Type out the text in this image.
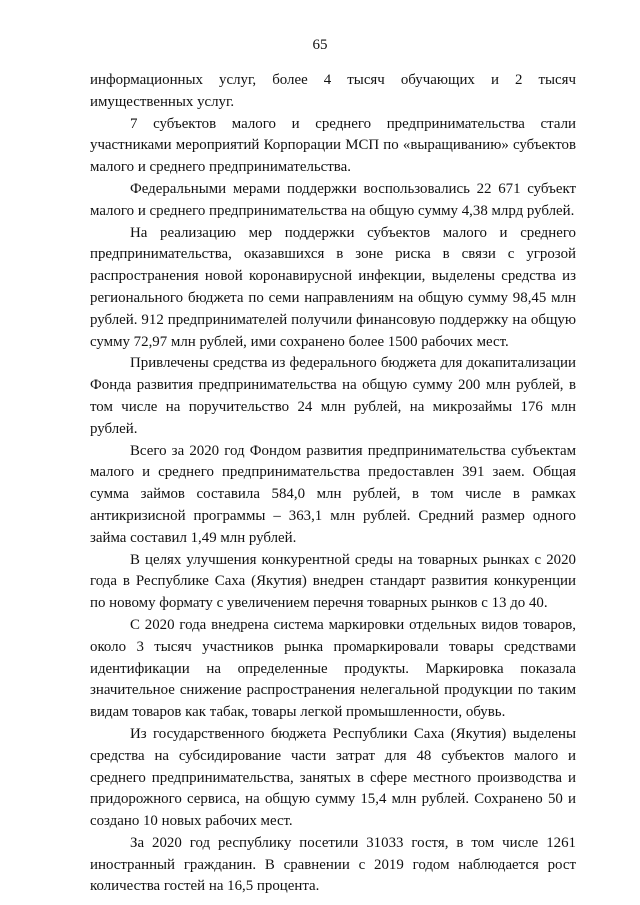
65

информационных услуг, более 4 тысяч обучающих и 2 тысяч имущественных услуг.

7 субъектов малого и среднего предпринимательства стали участниками мероприятий Корпорации МСП по «выращиванию» субъектов малого и среднего предпринимательства.

Федеральными мерами поддержки воспользовались 22 671 субъект малого и среднего предпринимательства на общую сумму 4,38 млрд рублей.

На реализацию мер поддержки субъектов малого и среднего предпринимательства, оказавшихся в зоне риска в связи с угрозой распространения новой коронавирусной инфекции, выделены средства из регионального бюджета по семи направлениям на общую сумму 98,45 млн рублей. 912 предпринимателей получили финансовую поддержку на общую сумму 72,97 млн рублей, ими сохранено более 1500 рабочих мест.

Привлечены средства из федерального бюджета для докапитализации Фонда развития предпринимательства на общую сумму 200 млн рублей, в том числе на поручительство 24 млн рублей, на микрозаймы 176 млн рублей.

Всего за 2020 год Фондом развития предпринимательства субъектам малого и среднего предпринимательства предоставлен 391 заем. Общая сумма займов составила 584,0 млн рублей, в том числе в рамках антикризисной программы – 363,1 млн рублей. Средний размер одного займа составил 1,49 млн рублей.

В целях улучшения конкурентной среды на товарных рынках с 2020 года в Республике Саха (Якутия) внедрен стандарт развития конкуренции по новому формату с увеличением перечня товарных рынков с 13 до 40.

С 2020 года внедрена система маркировки отдельных видов товаров, около 3 тысяч участников рынка промаркировали товары средствами идентификации на определенные продукты. Маркировка показала значительное снижение распространения нелегальной продукции по таким видам товаров как табак, товары легкой промышленности, обувь.

Из государственного бюджета Республики Саха (Якутия) выделены средства на субсидирование части затрат для 48 субъектов малого и среднего предпринимательства, занятых в сфере местного производства и придорожного сервиса, на общую сумму 15,4 млн рублей. Сохранено 50 и создано 10 новых рабочих мест.

За 2020 год республику посетили 31033 гостя, в том числе 1261 иностранный гражданин. В сравнении с 2019 годом наблюдается рост количества гостей на 16,5 процента.
